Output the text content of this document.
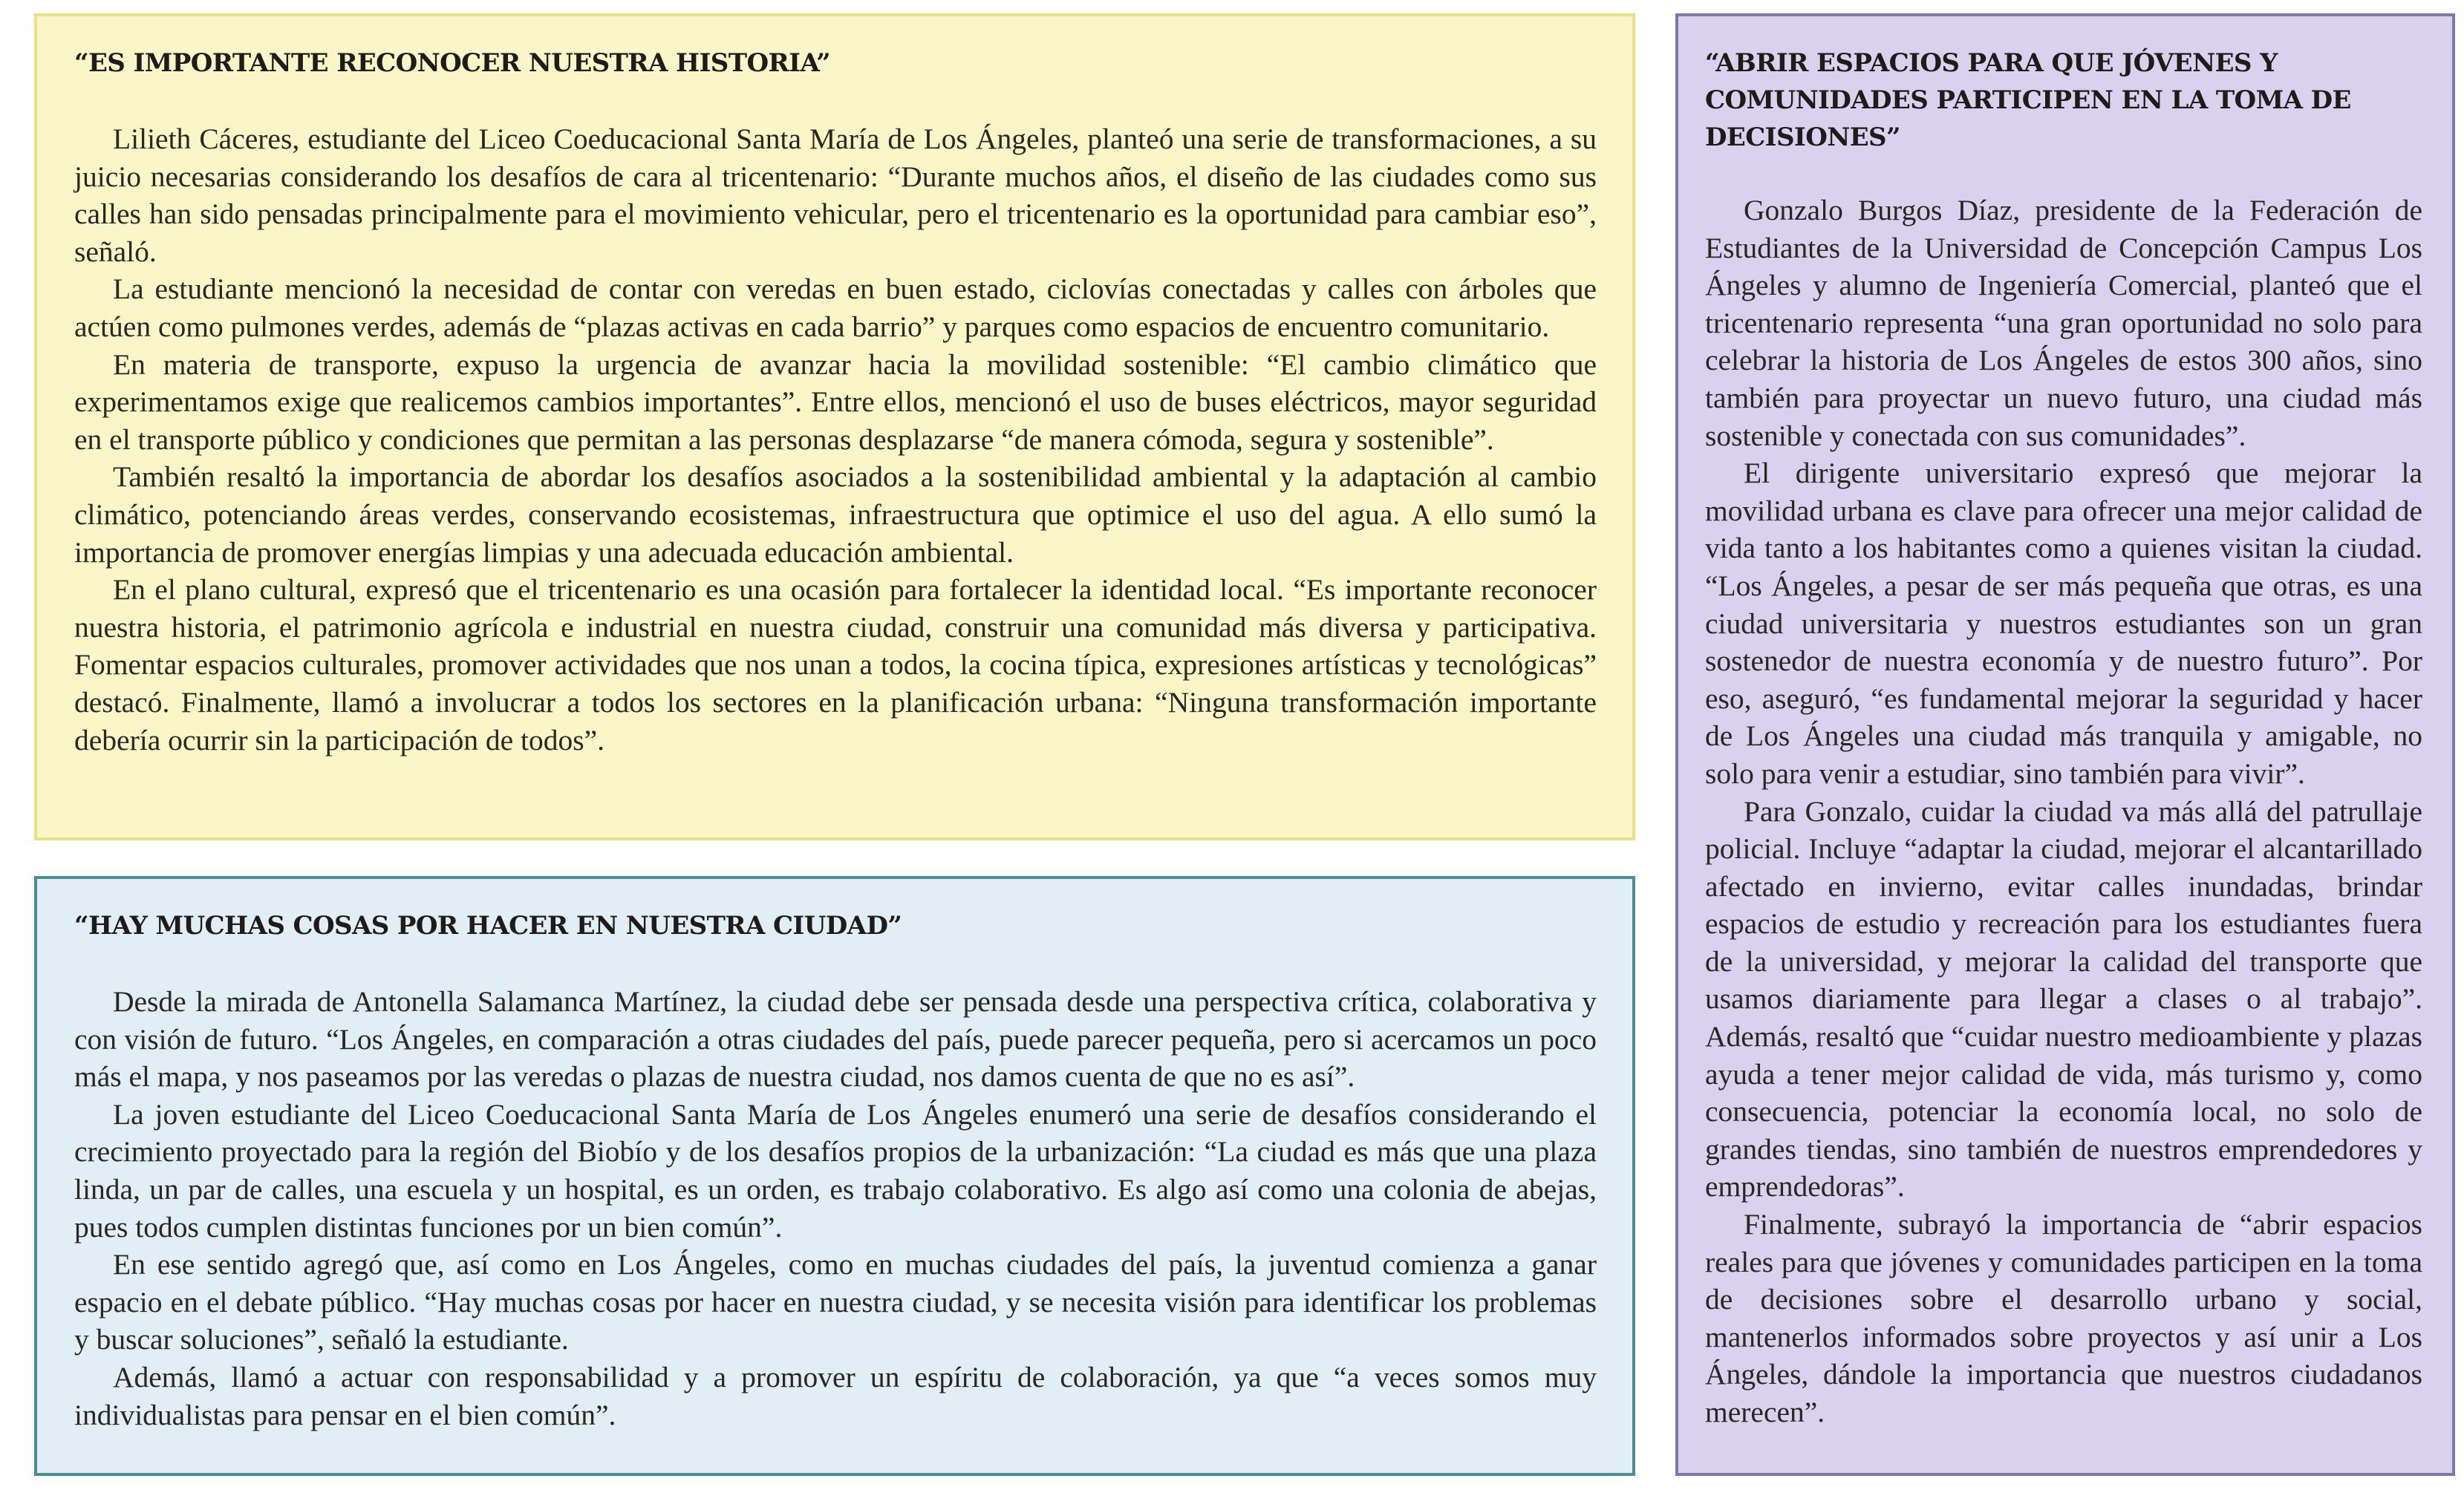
“ES IMPORTANTE RECONOCER NUESTRA HISTORIA”

Lilieth Cáceres, estudiante del Liceo Coeducacional Santa María de Los Ángeles, planteó una serie de transformaciones, a su juicio necesarias considerando los desafíos de cara al tricentenario: “Durante muchos años, el diseño de las ciudades como sus calles han sido pensadas principalmente para el movimiento vehicular, pero el tricentenario es la oportunidad para cambiar eso”, señaló.

La estudiante mencionó la necesidad de contar con veredas en buen estado, ciclovías conectadas y calles con árboles que actúen como pulmones verdes, además de “plazas activas en cada barrio” y parques como espacios de encuentro comunitario.

En materia de transporte, expuso la urgencia de avanzar hacia la movilidad sostenible: “El cambio climático que experimentamos exige que realicemos cambios importantes”. Entre ellos, mencionó el uso de buses eléctricos, mayor seguridad en el transporte público y condiciones que permitan a las personas desplazarse “de manera cómoda, segura y sostenible”.

También resaltó la importancia de abordar los desafíos asociados a la sostenibilidad ambiental y la adaptación al cambio climático, potenciando áreas verdes, conservando ecosistemas, infraestructura que optimice el uso del agua. A ello sumó la importancia de promover energías limpias y una adecuada educación ambiental.

En el plano cultural, expresó que el tricentenario es una ocasión para fortalecer la identidad local. “Es importante reconocer nuestra historia, el patrimonio agrícola e industrial en nuestra ciudad, construir una comunidad más diversa y participativa. Fomentar espacios culturales, promover actividades que nos unan a todos, la cocina típica, expresiones artísticas y tecnológicas” destacó. Finalmente, llamó a involucrar a todos los sectores en la planificación urbana: “Ninguna transformación importante debería ocurrir sin la participación de todos”.

“HAY MUCHAS COSAS POR HACER EN NUESTRA CIUDAD”

Desde la mirada de Antonella Salamanca Martínez, la ciudad debe ser pensada desde una perspectiva crítica, colaborativa y con visión de futuro. “Los Ángeles, en comparación a otras ciudades del país, puede parecer pequeña, pero si acercamos un poco más el mapa, y nos paseamos por las veredas o plazas de nuestra ciudad, nos damos cuenta de que no es así”.

La joven estudiante del Liceo Coeducacional Santa María de Los Ángeles enumeró una serie de desafíos considerando el crecimiento proyectado para la región del Biobío y de los desafíos propios de la urbanización: “La ciudad es más que una plaza linda, un par de calles, una escuela y un hospital, es un orden, es trabajo colaborativo. Es algo así como una colonia de abejas, pues todos cumplen distintas funciones por un bien común”.

En ese sentido agregó que, así como en Los Ángeles, como en muchas ciudades del país, la juventud comienza a ganar espacio en el debate público. “Hay muchas cosas por hacer en nuestra ciudad, y se necesita visión para identificar los problemas y buscar soluciones”, señaló la estudiante.

Además, llamó a actuar con responsabilidad y a promover un espíritu de colaboración, ya que “a veces somos muy individualistas para pensar en el bien común”.

“ABRIR ESPACIOS PARA QUE JÓVENES Y COMUNIDADES PARTICIPEN EN LA TOMA DE DECISIONES”

Gonzalo Burgos Díaz, presidente de la Federación de Estudiantes de la Universidad de Concepción Campus Los Ángeles y alumno de Ingeniería Comercial, planteó que el tricentenario representa “una gran oportunidad no solo para celebrar la historia de Los Ángeles de estos 300 años, sino también para proyectar un nuevo futuro, una ciudad más sostenible y conectada con sus comunidades”.

El dirigente universitario expresó que mejorar la movilidad urbana es clave para ofrecer una mejor calidad de vida tanto a los habitantes como a quienes visitan la ciudad. “Los Ángeles, a pesar de ser más pequeña que otras, es una ciudad universitaria y nuestros estudiantes son un gran sostenedor de nuestra economía y de nuestro futuro”. Por eso, aseguró, “es fundamental mejorar la seguridad y hacer de Los Ángeles una ciudad más tranquila y amigable, no solo para venir a estudiar, sino también para vivir”.

Para Gonzalo, cuidar la ciudad va más allá del patrullaje policial. Incluye “adaptar la ciudad, mejorar el alcantarillado afectado en invierno, evitar calles inundadas, brindar espacios de estudio y recreación para los estudiantes fuera de la universidad, y mejorar la calidad del transporte que usamos diariamente para llegar a clases o al trabajo”. Además, resaltó que “cuidar nuestro medioambiente y plazas ayuda a tener mejor calidad de vida, más turismo y, como consecuencia, potenciar la economía local, no solo de grandes tiendas, sino también de nuestros emprendedores y emprendedoras”.

Finalmente, subrayó la importancia de “abrir espacios reales para que jóvenes y comunidades participen en la toma de decisiones sobre el desarrollo urbano y social, mantenerlos informados sobre proyectos y así unir a Los Ángeles, dándole la importancia que nuestros ciudadanos merecen”.
